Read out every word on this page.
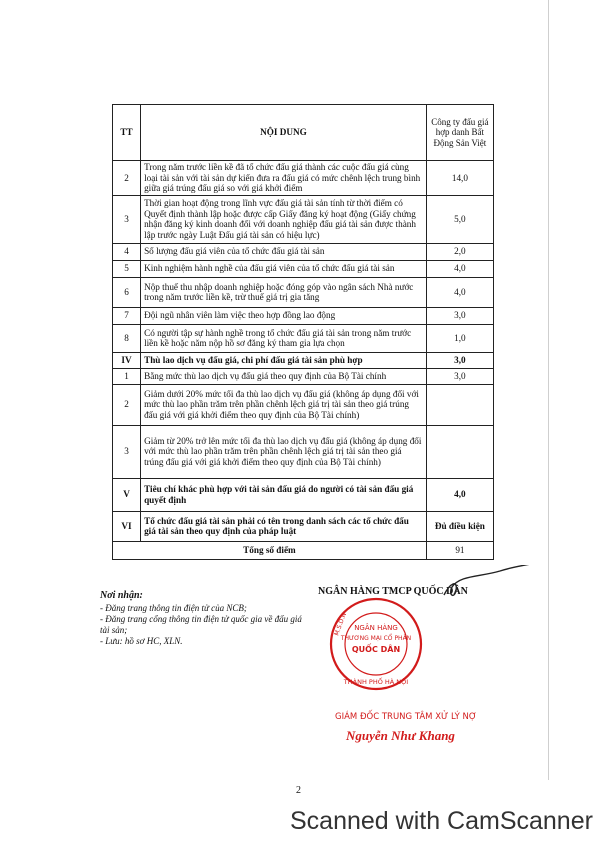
TT	NỘI DUNG	Công ty đấu giá hợp danh Bất Động Sản Việt
2	Trong năm trước liền kề đã tổ chức đấu giá thành các cuộc đấu giá cùng loại tài sản với tài sản dự kiến đưa ra đấu giá có mức chênh lệch trung bình giữa giá trúng đấu giá so với giá khởi điểm	14,0
3	Thời gian hoạt động trong lĩnh vực đấu giá tài sản tính từ thời điểm có Quyết định thành lập hoặc được cấp Giấy đăng ký hoạt động (Giấy chứng nhận đăng ký kinh doanh đối với doanh nghiệp đấu giá tài sản được thành lập trước ngày Luật Đấu giá tài sản có hiệu lực)	5,0
4	Số lượng đấu giá viên của tổ chức đấu giá tài sản	2,0
5	Kinh nghiệm hành nghề của đấu giá viên của tổ chức đấu giá tài sản	4,0
6	Nộp thuế thu nhập doanh nghiệp hoặc đóng góp vào ngân sách Nhà nước trong năm trước liền kề, trừ thuế giá trị gia tăng	4,0
7	Đội ngũ nhân viên làm việc theo hợp đồng lao động	3,0
8	Có người tập sự hành nghề trong tổ chức đấu giá tài sản trong năm trước liền kề hoặc năm nộp hồ sơ đăng ký tham gia lựa chọn	1,0
IV	Thù lao dịch vụ đấu giá, chi phí đấu giá tài sản phù hợp	3,0
1	Bằng mức thù lao dịch vụ đấu giá theo quy định của Bộ Tài chính	3,0
2	Giảm dưới 20% mức tối đa thù lao dịch vụ đấu giá (không áp dụng đối với mức thù lao phần trăm trên phần chênh lệch giá trị tài sản theo giá trúng đấu giá với giá khởi điểm theo quy định của Bộ Tài chính)	
3	Giảm từ 20% trở lên mức tối đa thù lao dịch vụ đấu giá (không áp dụng đối với mức thù lao phần trăm trên phần chênh lệch giá trị tài sản theo giá trúng đấu giá với giá khởi điểm theo quy định của Bộ Tài chính)	
V	Tiêu chí khác phù hợp với tài sản đấu giá do người có tài sản đấu giá quyết định	4,0
VI	Tổ chức đấu giá tài sản phải có tên trong danh sách các tổ chức đấu giá tài sản theo quy định của pháp luật	Đủ điều kiện
Tổng số điểm		91
Nơi nhận:
- Đăng trang thông tin điện tử của NCB;
- Đăng trang cổng thông tin điện tử quốc gia về đấu giá tài sản;
- Lưu: hồ sơ HC, XLN.
NGÂN HÀNG TMCP QUỐC DÂN
NGÂN HÀNG
THƯƠNG MẠI CỔ PHẦN
QUỐC DÂN
THÀNH PHỐ HÀ NỘI
M.S.D.N
GIÁM ĐỐC TRUNG TÂM XỬ LÝ NỢ
Nguyễn Như Khang
2
Scanned with CamScanner
